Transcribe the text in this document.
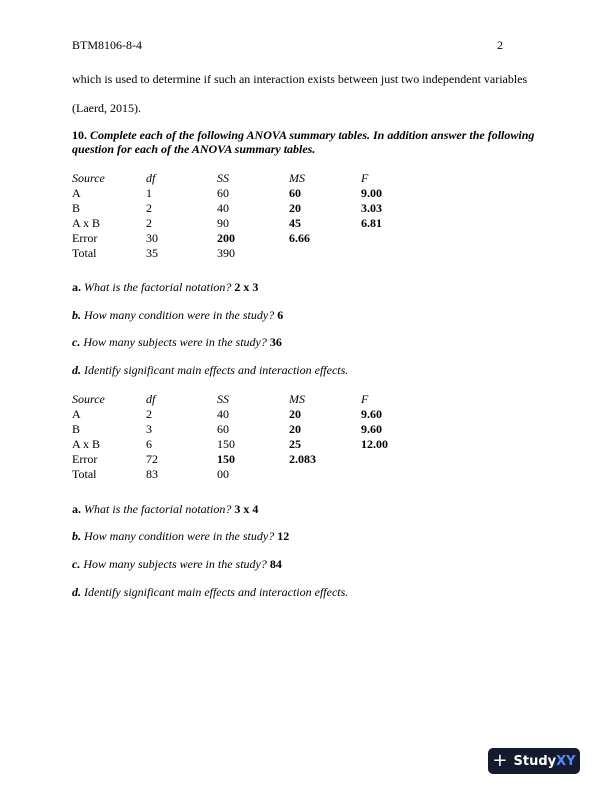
BTM8106-8-4	2
which is used to determine if such an interaction exists between just two independent variables
(Laerd, 2015).
10. Complete each of the following ANOVA summary tables. In addition answer the following question for each of the ANOVA summary tables.
Source	df	SS	MS	F
A	1	60	60	9.00
B	2	40	20	3.03
A x B	2	90	45	6.81
Error	30	200	6.66
Total	35	390
a. What is the factorial notation? 2 x 3
b. How many condition were in the study? 6
c. How many subjects were in the study? 36
d. Identify significant main effects and interaction effects.
Source	df	SS	MS	F
A	2	40	20	9.60
B	3	60	20	9.60
A x B	6	150	25	12.00
Error	72	150	2.083
Total	83	00
a. What is the factorial notation? 3 x 4
b. How many condition were in the study? 12
c. How many subjects were in the study? 84
d. Identify significant main effects and interaction effects.
+ StudyXY
